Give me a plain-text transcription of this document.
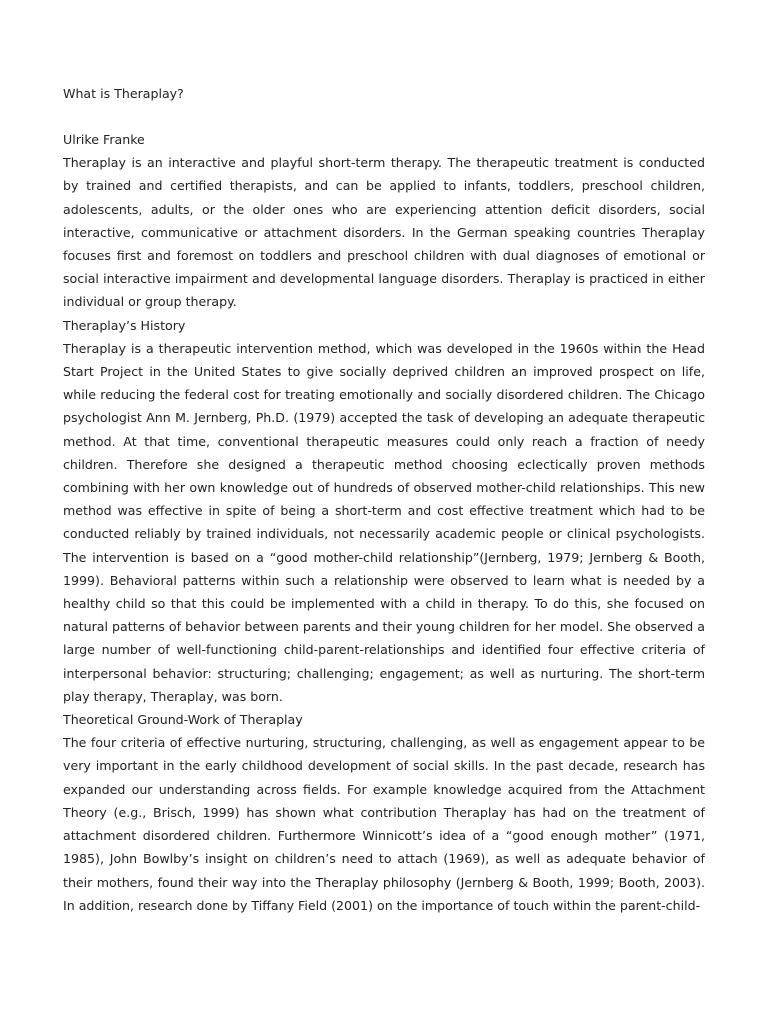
What is Theraplay?
Ulrike Franke
Theraplay is an interactive and playful short-term therapy. The therapeutic treatment is conducted
by trained and certified therapists, and can be applied to infants, toddlers, preschool children,
adolescents, adults, or the older ones who are experiencing attention deficit disorders, social
interactive, communicative or attachment disorders. In the German speaking countries Theraplay
focuses first and foremost on toddlers and preschool children with dual diagnoses of emotional or
social interactive impairment and developmental language disorders. Theraplay is practiced in either
individual or group therapy.
Theraplay’s History
Theraplay is a therapeutic intervention method, which was developed in the 1960s within the Head
Start Project in the United States to give socially deprived children an improved prospect on life,
while reducing the federal cost for treating emotionally and socially disordered children. The Chicago
psychologist Ann M. Jernberg, Ph.D. (1979) accepted the task of developing an adequate therapeutic
method. At that time, conventional therapeutic measures could only reach a fraction of needy
children. Therefore she designed a therapeutic method choosing eclectically proven methods
combining with her own knowledge out of hundreds of observed mother-child relationships. This new
method was effective in spite of being a short-term and cost effective treatment which had to be
conducted reliably by trained individuals, not necessarily academic people or clinical psychologists.
The intervention is based on a “good mother-child relationship”(Jernberg, 1979; Jernberg & Booth,
1999). Behavioral patterns within such a relationship were observed to learn what is needed by a
healthy child so that this could be implemented with a child in therapy. To do this, she focused on
natural patterns of behavior between parents and their young children for her model. She observed a
large number of well-functioning child-parent-relationships and identified four effective criteria of
interpersonal behavior: structuring; challenging; engagement; as well as nurturing. The short-term
play therapy, Theraplay, was born.
Theoretical Ground-Work of Theraplay
The four criteria of effective nurturing, structuring, challenging, as well as engagement appear to be
very important in the early childhood development of social skills. In the past decade, research has
expanded our understanding across fields. For example knowledge acquired from the Attachment
Theory (e.g., Brisch, 1999) has shown what contribution Theraplay has had on the treatment of
attachment disordered children. Furthermore Winnicott’s idea of a “good enough mother” (1971,
1985), John Bowlby’s insight on children’s need to attach (1969), as well as adequate behavior of
their mothers, found their way into the Theraplay philosophy (Jernberg & Booth, 1999; Booth, 2003).
In addition, research done by Tiffany Field (2001) on the importance of touch within the parent-child-
